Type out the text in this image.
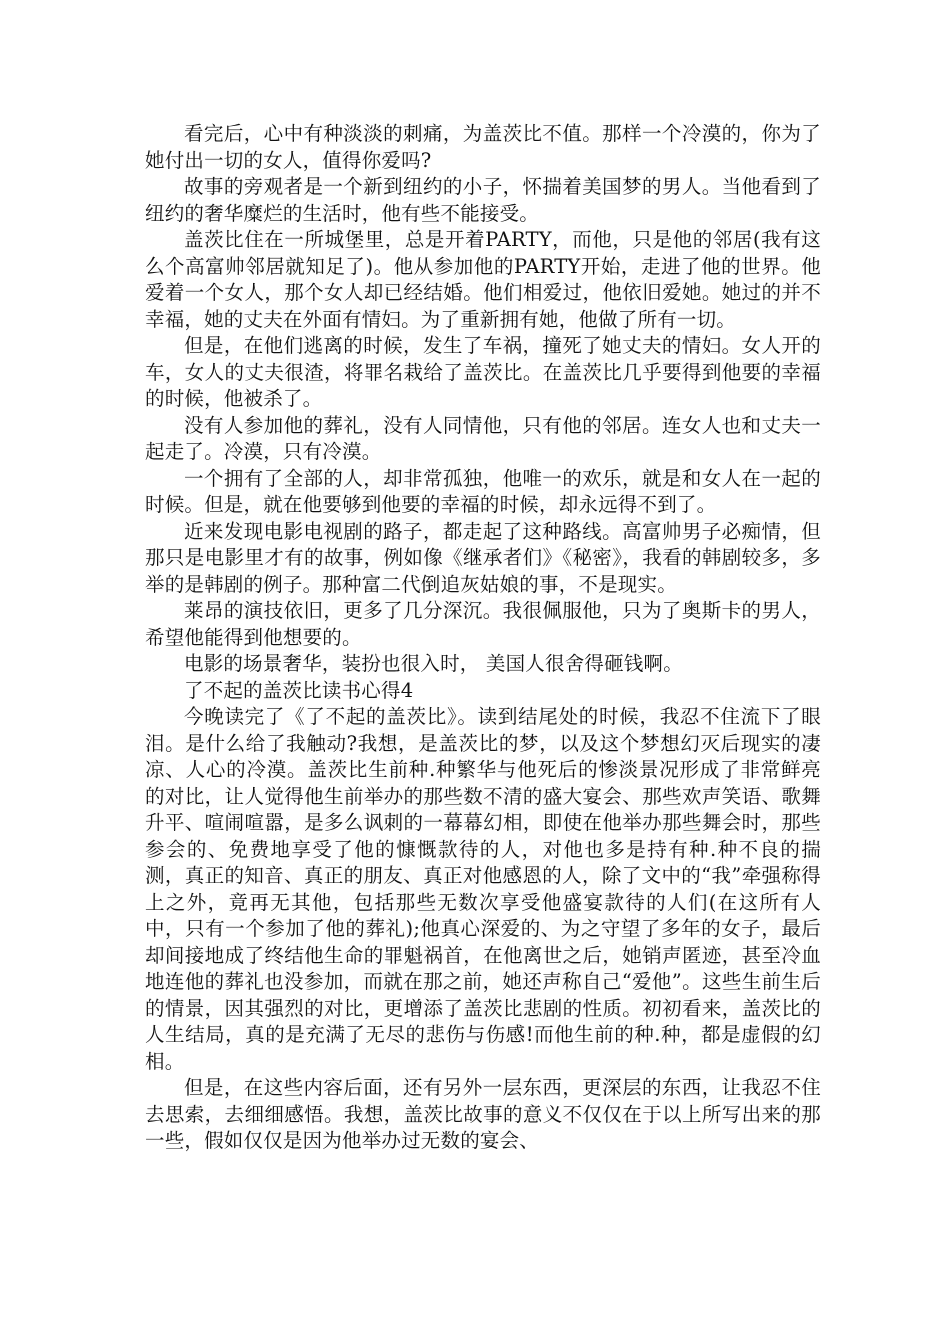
看完后，心中有种淡淡的刺痛，为盖茨比不值。那样一个冷漠的，你为了她付出一切的女人，值得你爱吗?

故事的旁观者是一个新到纽约的小子，怀揣着美国梦的男人。当他看到了纽约的奢华糜烂的生活时，他有些不能接受。

盖茨比住在一所城堡里，总是开着PARTY，而他，只是他的邻居(我有这么个高富帅邻居就知足了)。他从参加他的PARTY开始，走进了他的世界。他爱着一个女人，那个女人却已经结婚。他们相爱过，他依旧爱她。她过的并不幸福，她的丈夫在外面有情妇。为了重新拥有她，他做了所有一切。

但是，在他们逃离的时候，发生了车祸，撞死了她丈夫的情妇。女人开的车，女人的丈夫很渣，将罪名栽给了盖茨比。在盖茨比几乎要得到他要的幸福的时候，他被杀了。

没有人参加他的葬礼，没有人同情他，只有他的邻居。连女人也和丈夫一起走了。冷漠，只有冷漠。

一个拥有了全部的人，却非常孤独，他唯一的欢乐，就是和女人在一起的时候。但是，就在他要够到他要的幸福的时候，却永远得不到了。

近来发现电影电视剧的路子，都走起了这种路线。高富帅男子必痴情，但那只是电影里才有的故事，例如像《继承者们》《秘密》，我看的韩剧较多，多举的是韩剧的例子。那种富二代倒追灰姑娘的事，不是现实。

莱昂的演技依旧，更多了几分深沉。我很佩服他，只为了奥斯卡的男人，希望他能得到他想要的。

电影的场景奢华，装扮也很入时， 美国人很舍得砸钱啊。

了不起的盖茨比读书心得4

今晚读完了《了不起的盖茨比》。读到结尾处的时候，我忍不住流下了眼泪。是什么给了我触动?我想，是盖茨比的梦，以及这个梦想幻灭后现实的凄凉、人心的冷漠。盖茨比生前种.种繁华与他死后的惨淡景况形成了非常鲜亮的对比，让人觉得他生前举办的那些数不清的盛大宴会、那些欢声笑语、歌舞升平、喧闹喧嚣，是多么讽刺的一幕幕幻相，即使在他举办那些舞会时，那些参会的、免费地享受了他的慷慨款待的人，对他也多是持有种.种不良的揣测，真正的知音、真正的朋友、真正对他感恩的人，除了文中的“我”牵强称得上之外，竟再无其他，包括那些无数次享受他盛宴款待的人们(在这所有人中，只有一个参加了他的葬礼);他真心深爱的、为之守望了多年的女子，最后却间接地成了终结他生命的罪魁祸首，在他离世之后，她销声匿迹，甚至冷血地连他的葬礼也没参加，而就在那之前，她还声称自己“爱他”。这些生前生后的情景，因其强烈的对比，更增添了盖茨比悲剧的性质。初初看来，盖茨比的人生结局，真的是充满了无尽的悲伤与伤感!而他生前的种.种，都是虚假的幻相。

但是，在这些内容后面，还有另外一层东西，更深层的东西，让我忍不住去思索，去细细感悟。我想，盖茨比故事的意义不仅仅在于以上所写出来的那一些，假如仅仅是因为他举办过无数的宴会、
